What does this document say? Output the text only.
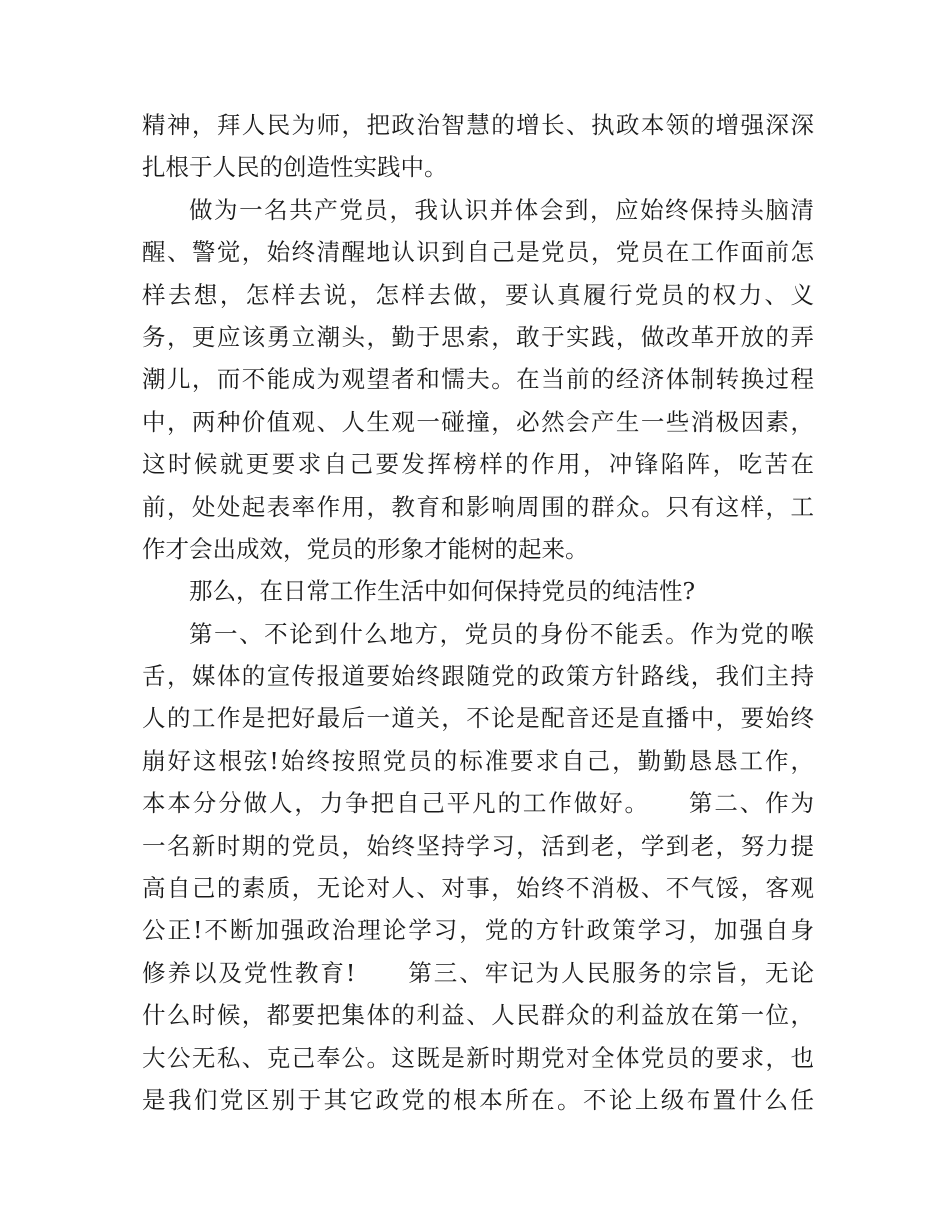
精神，拜人民为师，把政治智慧的增长、执政本领的增强深深
扎根于人民的创造性实践中。
做为一名共产党员，我认识并体会到，应始终保持头脑清
醒、警觉，始终清醒地认识到自己是党员，党员在工作面前怎
样去想，怎样去说，怎样去做，要认真履行党员的权力、义
务，更应该勇立潮头，勤于思索，敢于实践，做改革开放的弄
潮儿，而不能成为观望者和懦夫。在当前的经济体制转换过程
中，两种价值观、人生观一碰撞，必然会产生一些消极因素，
这时候就更要求自己要发挥榜样的作用，冲锋陷阵，吃苦在
前，处处起表率作用，教育和影响周围的群众。只有这样，工
作才会出成效，党员的形象才能树的起来。
那么，在日常工作生活中如何保持党员的纯洁性?
第一、不论到什么地方，党员的身份不能丢。作为党的喉
舌，媒体的宣传报道要始终跟随党的政策方针路线，我们主持
人的工作是把好最后一道关，不论是配音还是直播中，要始终
崩好这根弦!始终按照党员的标准要求自己，勤勤恳恳工作，
本本分分做人，力争把自己平凡的工作做好。　　第二、作为
一名新时期的党员，始终坚持学习，活到老，学到老，努力提
高自己的素质，无论对人、对事，始终不消极、不气馁，客观
公正!不断加强政治理论学习，党的方针政策学习，加强自身
修养以及党性教育!　　第三、牢记为人民服务的宗旨，无论
什么时候，都要把集体的利益、人民群众的利益放在第一位，
大公无私、克己奉公。这既是新时期党对全体党员的要求，也
是我们党区别于其它政党的根本所在。不论上级布置什么任
